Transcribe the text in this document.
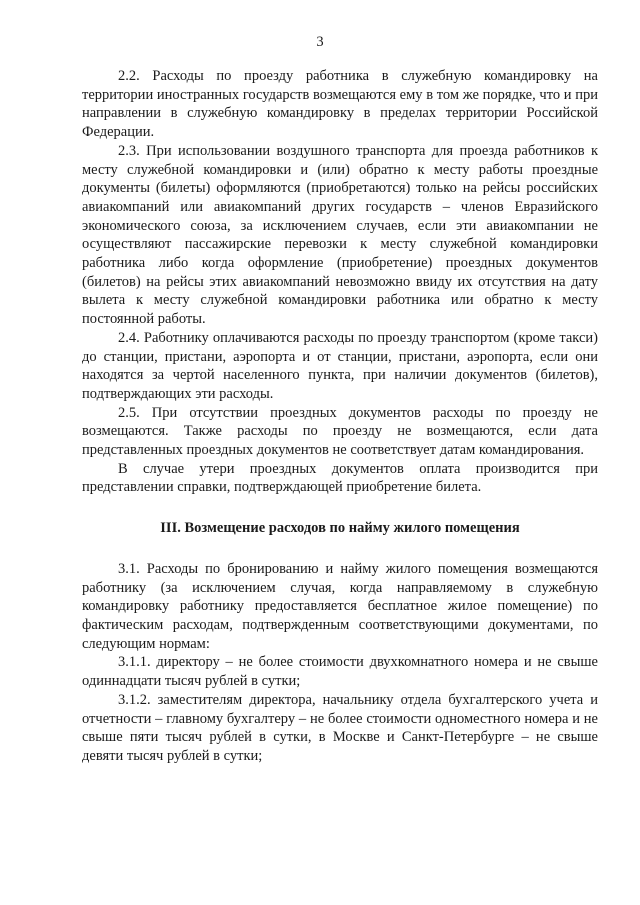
3

2.2. Расходы по проезду работника в служебную командировку на территории иностранных государств возмещаются ему в том же порядке, что и при направлении в служебную командировку в пределах территории Российской Федерации.

2.3. При использовании воздушного транспорта для проезда работников к месту служебной командировки и (или) обратно к месту работы проездные документы (билеты) оформляются (приобретаются) только на рейсы российских авиакомпаний или авиакомпаний других государств – членов Евразийского экономического союза, за исключением случаев, если эти авиакомпании не осуществляют пассажирские перевозки к месту служебной командировки работника либо когда оформление (приобретение) проездных документов (билетов) на рейсы этих авиакомпаний невозможно ввиду их отсутствия на дату вылета к месту служебной командировки работника или обратно к месту постоянной работы.

2.4. Работнику оплачиваются расходы по проезду транспортом (кроме такси) до станции, пристани, аэропорта и от станции, пристани, аэропорта, если они находятся за чертой населенного пункта, при наличии документов (билетов), подтверждающих эти расходы.

2.5. При отсутствии проездных документов расходы по проезду не возмещаются. Также расходы по проезду не возмещаются, если дата представленных проездных документов не соответствует датам командирования.

В случае утери проездных документов оплата производится при представлении справки, подтверждающей приобретение билета.

III. Возмещение расходов по найму жилого помещения

3.1. Расходы по бронированию и найму жилого помещения возмещаются работнику (за исключением случая, когда направляемому в служебную командировку работнику предоставляется бесплатное жилое помещение) по фактическим расходам, подтвержденным соответствующими документами, по следующим нормам:

3.1.1. директору – не более стоимости двухкомнатного номера и не свыше одиннадцати тысяч рублей в сутки;

3.1.2. заместителям директора, начальнику отдела бухгалтерского учета и отчетности – главному бухгалтеру – не более стоимости одноместного номера и не свыше пяти тысяч рублей в сутки, в Москве и Санкт-Петербурге – не свыше девяти тысяч рублей в сутки;
